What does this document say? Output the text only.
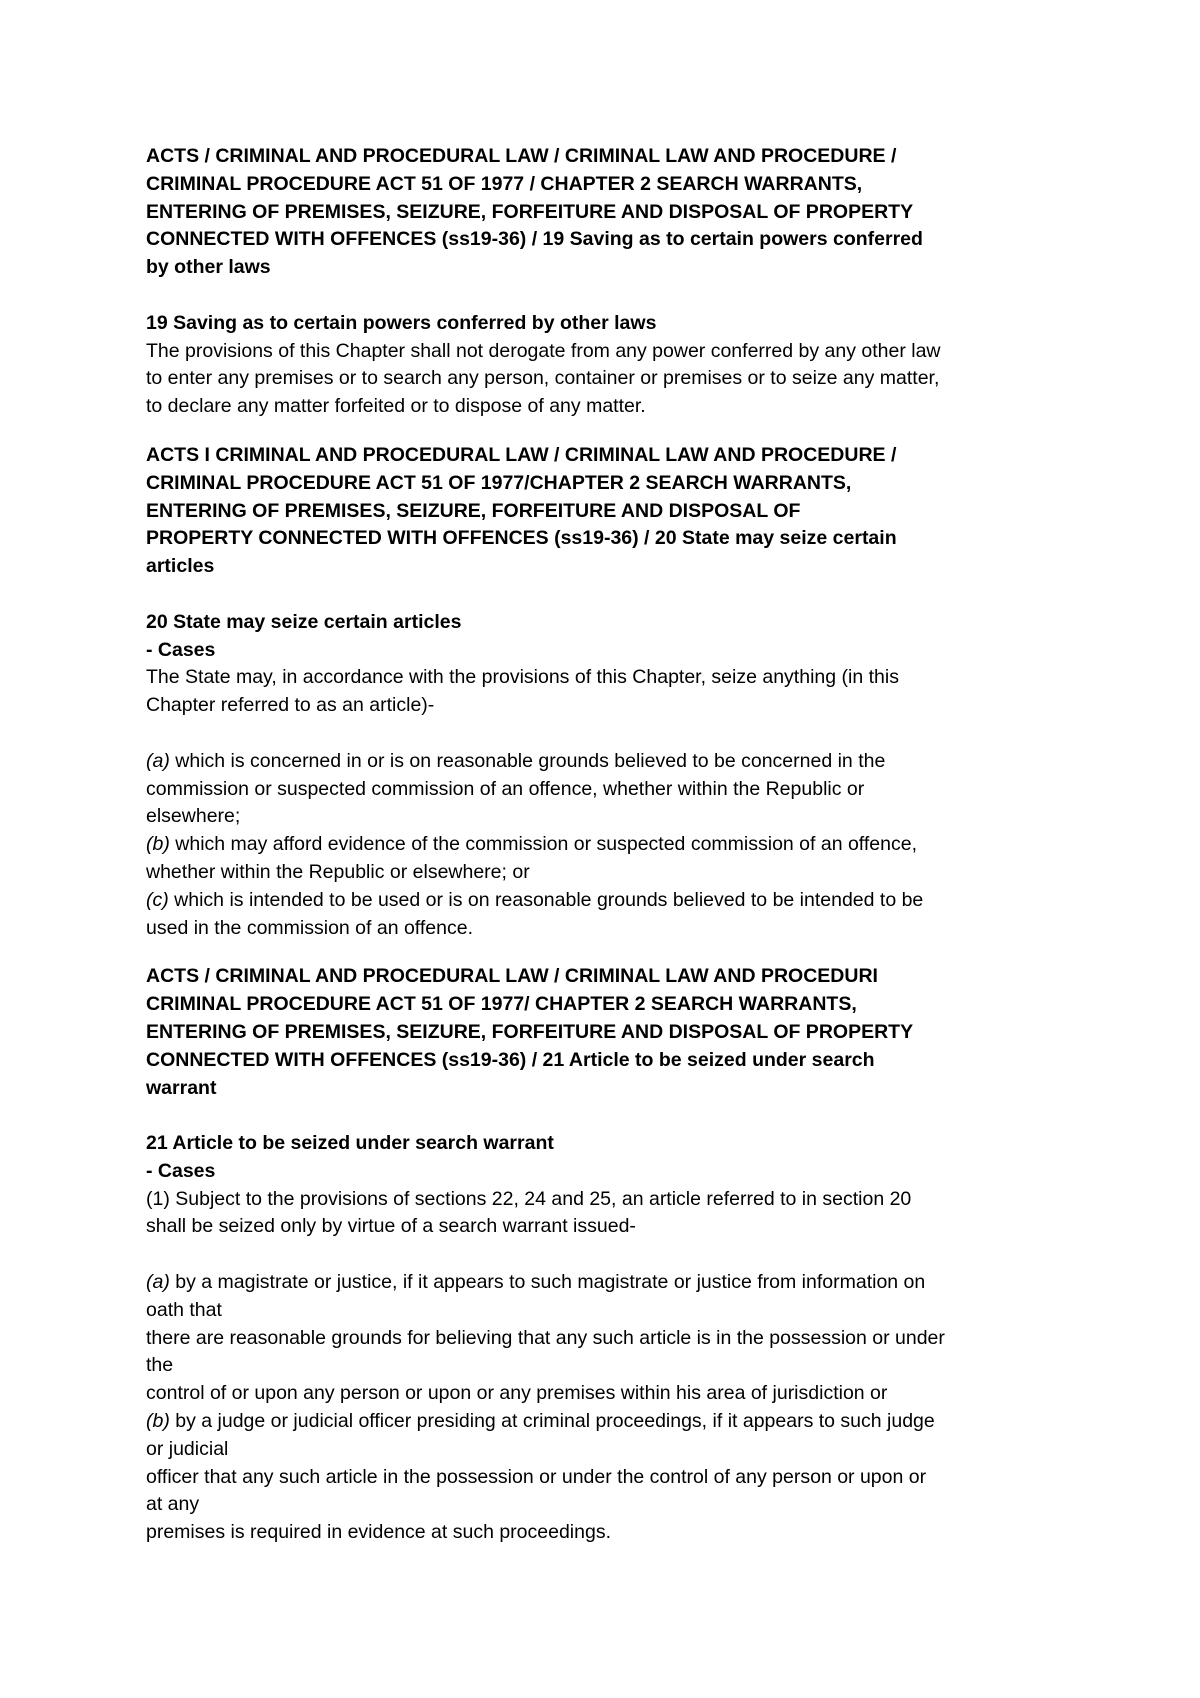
ACTS / CRIMINAL AND PROCEDURAL LAW / CRIMINAL LAW AND PROCEDURE /
CRIMINAL PROCEDURE ACT 51 OF 1977 / CHAPTER 2 SEARCH WARRANTS,
ENTERING OF PREMISES, SEIZURE, FORFEITURE AND DISPOSAL OF PROPERTY
CONNECTED WITH OFFENCES (ss19-36) / 19 Saving as to certain powers conferred
by other laws
19 Saving as to certain powers conferred by other laws
The provisions of this Chapter shall not derogate from any power conferred by any other law
to enter any premises or to search any person, container or premises or to seize any matter,
to declare any matter forfeited or to dispose of any matter.
ACTS I CRIMINAL AND PROCEDURAL LAW / CRIMINAL LAW AND PROCEDURE /
CRIMINAL PROCEDURE ACT 51 OF 1977/CHAPTER 2 SEARCH WARRANTS,
ENTERING OF PREMISES, SEIZURE, FORFEITURE AND DISPOSAL OF
PROPERTY CONNECTED WITH OFFENCES (ss19-36) / 20 State may seize certain
articles
20 State may seize certain articles
- Cases
The State may, in accordance with the provisions of this Chapter, seize anything (in this
Chapter referred to as an article)-
(a) which is concerned in or is on reasonable grounds believed to be concerned in the
commission or suspected commission of an offence, whether within the Republic or
elsewhere;
(b) which may afford evidence of the commission or suspected commission of an offence,
whether within the Republic or elsewhere; or
(c) which is intended to be used or is on reasonable grounds believed to be intended to be
used in the commission of an offence.
ACTS / CRIMINAL AND PROCEDURAL LAW / CRIMINAL LAW AND PROCEDURI
CRIMINAL PROCEDURE ACT 51 OF 1977/ CHAPTER 2 SEARCH WARRANTS,
ENTERING OF PREMISES, SEIZURE, FORFEITURE AND DISPOSAL OF PROPERTY
CONNECTED WITH OFFENCES (ss19-36) / 21 Article to be seized under search
warrant
21 Article to be seized under search warrant
- Cases
(1) Subject to the provisions of sections 22, 24 and 25, an article referred to in section 20
shall be seized only by virtue of a search warrant issued-
(a) by a magistrate or justice, if it appears to such magistrate or justice from information on
oath that
there are reasonable grounds for believing that any such article is in the possession or under
the
control of or upon any person or upon or any premises within his area of jurisdiction or
(b) by a judge or judicial officer presiding at criminal proceedings, if it appears to such judge
or judicial
officer that any such article in the possession or under the control of any person or upon or
at any
premises is required in evidence at such proceedings.
